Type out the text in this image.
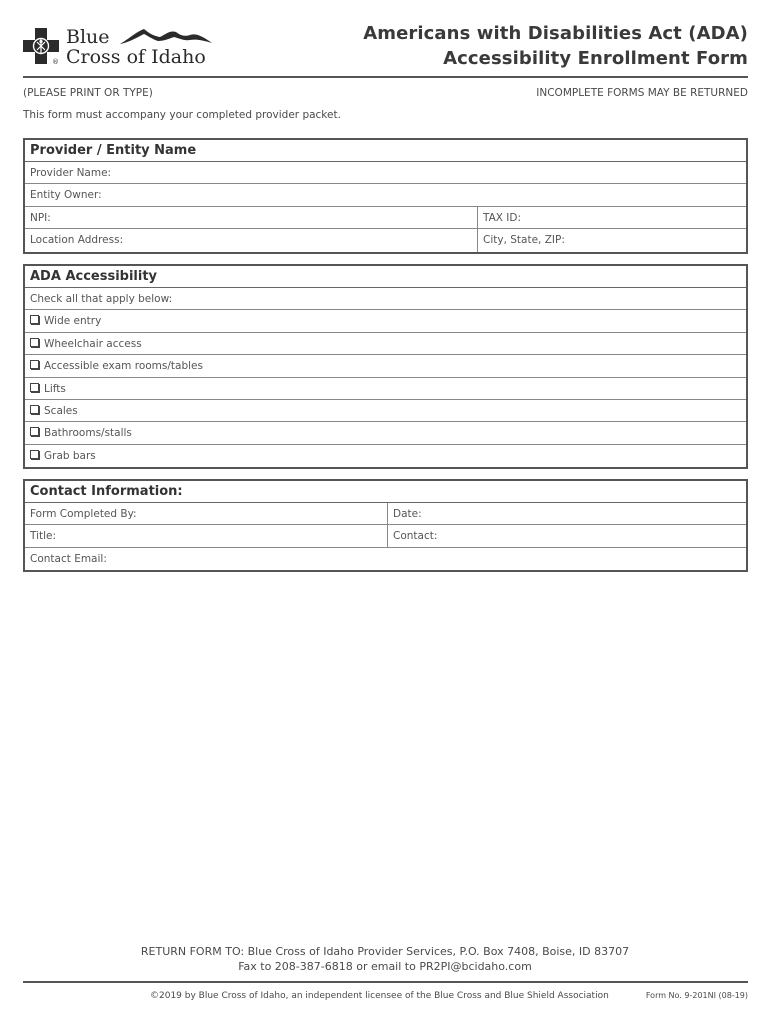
Blue
Cross of Idaho
®
Americans with Disabilities Act (ADA)
Accessibility Enrollment Form
(PLEASE PRINT OR TYPE)	INCOMPLETE FORMS MAY BE RETURNED
This form must accompany your completed provider packet.
Provider / Entity Name
Provider Name:
Entity Owner:
NPI:	TAX ID:
Location Address:	City, State, ZIP:
ADA Accessibility
Check all that apply below:
Wide entry
Wheelchair access
Accessible exam rooms/tables
Lifts
Scales
Bathrooms/stalls
Grab bars
Contact Information:
Form Completed By:	Date:
Title:	Contact:
Contact Email:
RETURN FORM TO: Blue Cross of Idaho Provider Services, P.O. Box 7408, Boise, ID 83707
Fax to 208-387-6818 or email to PR2PI@bcidaho.com
©2019 by Blue Cross of Idaho, an independent licensee of the Blue Cross and Blue Shield Association	Form No. 9-201NI (08-19)
